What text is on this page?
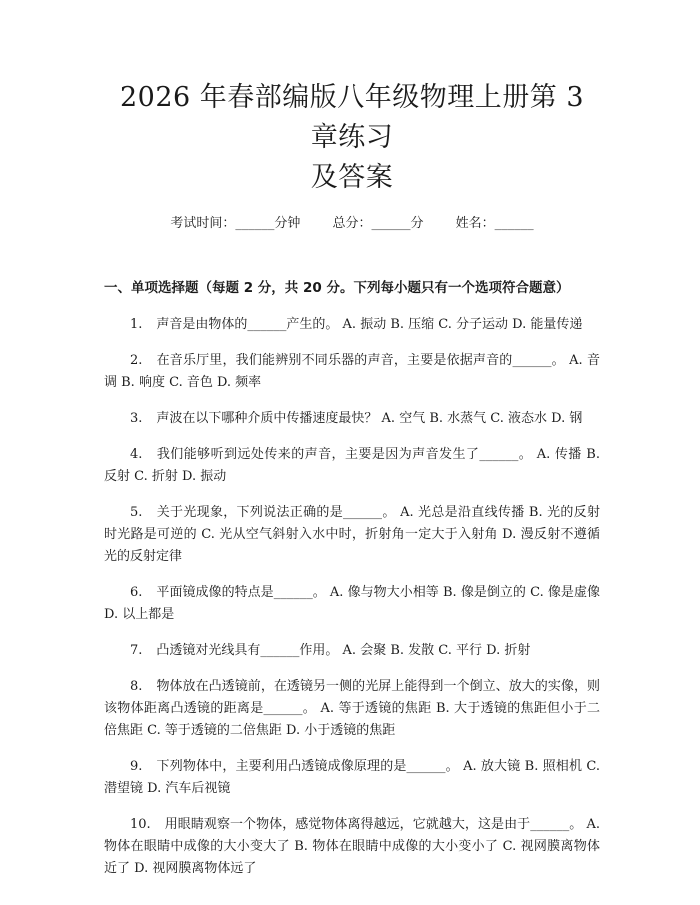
2026 年春部编版八年级物理上册第 3 章练习
及答案
考试时间：______分钟 总分：______分 姓名：______
一、单项选择题（每题 2 分，共 20 分。下列每小题只有一个选项符合题意）

1. 声音是由物体的______产生的。 A. 振动 B. 压缩 C. 分子运动 D. 能量传递

2. 在音乐厅里，我们能辨别不同乐器的声音，主要是依据声音的______。 A. 音调 B. 响度 C. 音色 D. 频率

3. 声波在以下哪种介质中传播速度最快？ A. 空气 B. 水蒸气 C. 液态水 D. 钢

4. 我们能够听到远处传来的声音，主要是因为声音发生了______。 A. 传播 B. 反射 C. 折射 D. 振动

5. 关于光现象，下列说法正确的是______。 A. 光总是沿直线传播 B. 光的反射时光路是可逆的 C. 光从空气斜射入水中时，折射角一定大于入射角 D. 漫反射不遵循光的反射定律

6. 平面镜成像的特点是______。 A. 像与物大小相等 B. 像是倒立的 C. 像是虚像 D. 以上都是

7. 凸透镜对光线具有______作用。 A. 会聚 B. 发散 C. 平行 D. 折射

8. 物体放在凸透镜前，在透镜另一侧的光屏上能得到一个倒立、放大的实像，则该物体距离凸透镜的距离是______。 A. 等于透镜的焦距 B. 大于透镜的焦距但小于二倍焦距 C. 等于透镜的二倍焦距 D. 小于透镜的焦距

9. 下列物体中，主要利用凸透镜成像原理的是______。 A. 放大镜 B. 照相机 C. 潜望镜 D. 汽车后视镜

10. 用眼睛观察一个物体，感觉物体离得越远，它就越大，这是由于______。 A. 物体在眼睛中成像的大小变大了 B. 物体在眼睛中成像的大小变小了 C. 视网膜离物体近了 D. 视网膜离物体远了
